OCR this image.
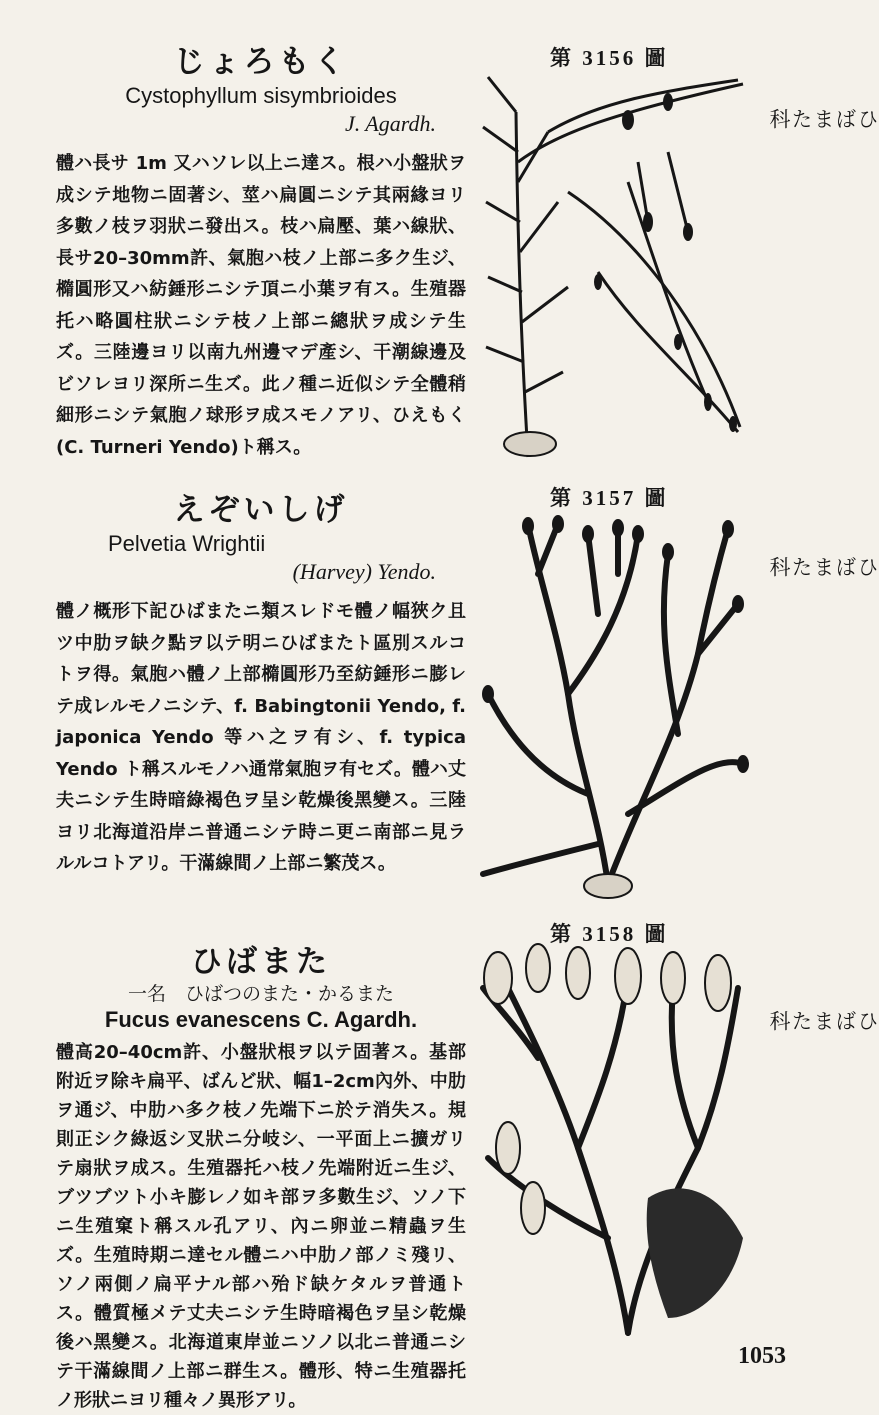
じょろもく

Cystophyllum sisymbrioides

J. Agardh.

體ハ長サ 1m 又ハソレ以上ニ達ス。根ハ小盤狀ヲ成シテ地物ニ固著シ、莖ハ扁圓ニシテ其兩緣ヨリ多數ノ枝ヲ羽狀ニ發出ス。枝ハ扁壓、葉ハ線狀、長サ20–30mm許、氣胞ハ枝ノ上部ニ多ク生ジ、橢圓形又ハ紡錘形ニシテ頂ニ小葉ヲ有ス。生殖器托ハ略圓柱狀ニシテ枝ノ上部ニ總狀ヲ成シテ生ズ。三陸邊ヨリ以南九州邊マデ產シ、干潮線邊及ビソレヨリ深所ニ生ズ。此ノ種ニ近似シテ全體稍細形ニシテ氣胞ノ球形ヲ成スモノアリ、ひえもく(C. Turneri Yendo)ト稱ス。

第 3156 圖
ひばまた科
えぞいしげ

Pelvetia Wrightii

(Harvey) Yendo.

體ノ概形下記ひばまたニ類スレドモ體ノ幅狹ク且ツ中肋ヲ缺ク點ヲ以テ明ニひばまたト區別スルコトヲ得。氣胞ハ體ノ上部橢圓形乃至紡錘形ニ膨レテ成レルモノニシテ、f. Babingtonii Yendo, f. japonica Yendo 等ハ之ヲ有シ、f. typica Yendo ト稱スルモノハ通常氣胞ヲ有セズ。體ハ丈夫ニシテ生時暗綠褐色ヲ呈シ乾燥後黑變ス。三陸ヨリ北海道沿岸ニ普通ニシテ時ニ更ニ南部ニ見ラルルコトアリ。干滿線間ノ上部ニ繁茂ス。

第 3157 圖
ひばまた科
ひばまた

一名　ひばつのまた・かるまた

Fucus evanescens C. Agardh.

體高20–40cm許、小盤狀根ヲ以テ固著ス。基部附近ヲ除キ扁平、ばんど狀、幅1–2cm內外、中肋ヲ通ジ、中肋ハ多ク枝ノ先端下ニ於テ消失ス。規則正シク綠返シ叉狀ニ分岐シ、一平面上ニ擴ガリテ扇狀ヲ成ス。生殖器托ハ枝ノ先端附近ニ生ジ、ブツブツト小キ膨レノ如キ部ヲ多數生ジ、ソノ下ニ生殖窠ト稱スル孔アリ、內ニ卵並ニ精蟲ヲ生ズ。生殖時期ニ達セル體ニハ中肋ノ部ノミ殘リ、ソノ兩側ノ扁平ナル部ハ殆ド缺ケタルヲ普通トス。體質極メテ丈夫ニシテ生時暗褐色ヲ呈シ乾燥後ハ黑變ス。北海道東岸並ニソノ以北ニ普通ニシテ干滿線間ノ上部ニ群生ス。體形、特ニ生殖器托ノ形狀ニヨリ種々ノ異形アリ。

第 3158 圖
ひばまた科
1053
